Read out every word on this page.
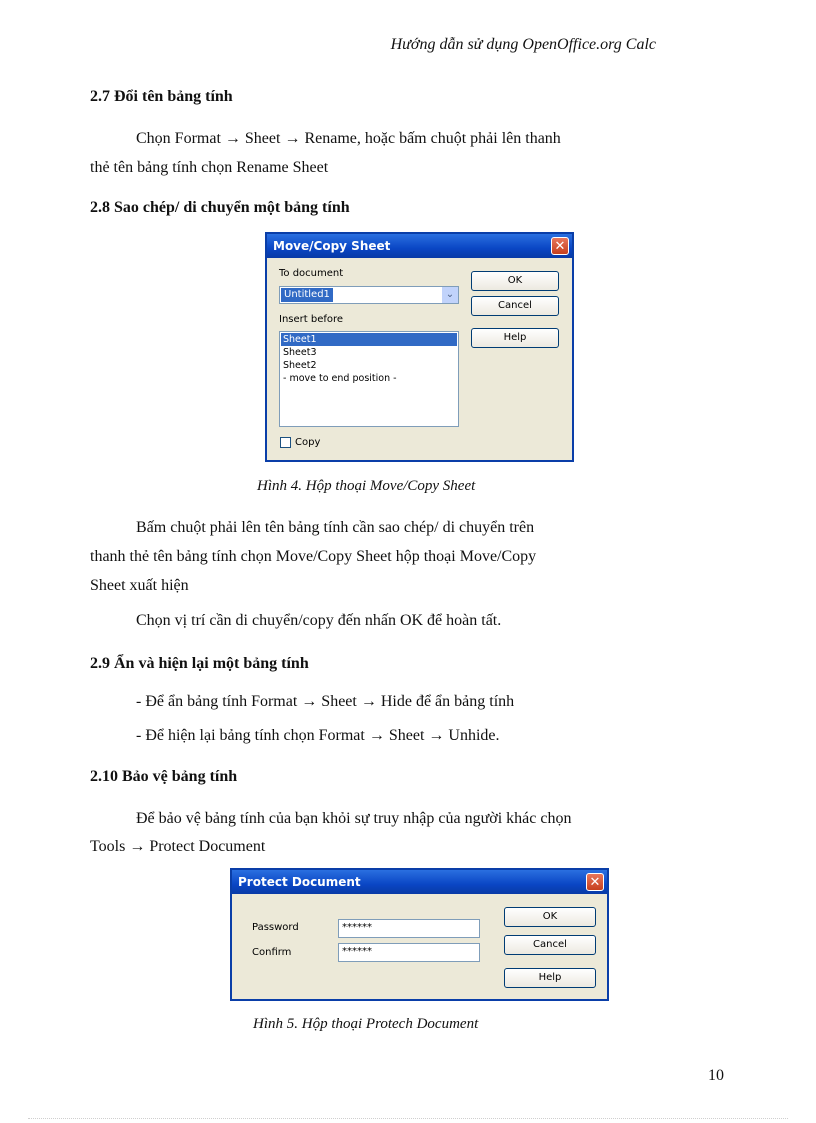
Hướng dẫn sử dụng OpenOffice.org Calc
2.7 Đổi tên bảng tính
Chọn Format → Sheet → Rename, hoặc bấm chuột phải lên thanh
thẻ tên bảng tính chọn Rename Sheet
2.8 Sao chép/ di chuyển một bảng tính
Move/Copy Sheet	✕
To document
Untitled1	⌄
Insert before
Sheet1
Sheet3
Sheet2
- move to end position -
Copy
OK
Cancel
Help
Hình 4. Hộp thoại Move/Copy Sheet
Bấm chuột phải lên tên bảng tính cần sao chép/ di chuyển trên
thanh thẻ tên bảng tính chọn Move/Copy Sheet hộp thoại Move/Copy
Sheet xuất hiện
Chọn vị trí cần di chuyển/copy đến nhấn OK để hoàn tất.
2.9 Ẩn và hiện lại một bảng tính
- Để ẩn bảng tính Format → Sheet → Hide để ẩn bảng tính
- Để hiện lại bảng tính chọn Format → Sheet → Unhide.
2.10 Bảo vệ bảng tính
Để bảo vệ bảng tính của bạn khỏi sự truy nhập của người khác chọn
Tools → Protect Document
Protect Document	✕
Password	******
Confirm	******
OK
Cancel
Help
Hình 5. Hộp thoại Protech Document
10
